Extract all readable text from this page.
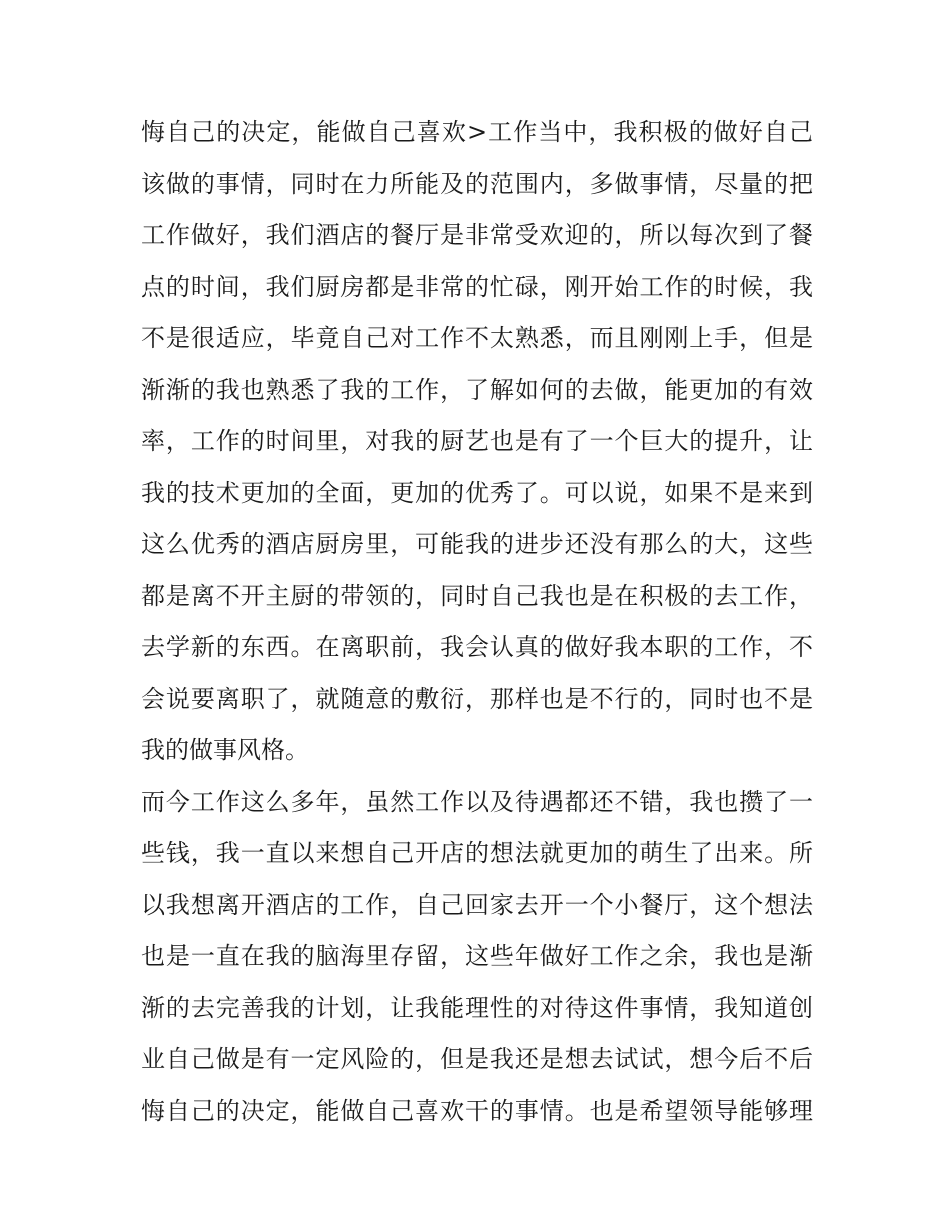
悔自己的决定，能做自己喜欢>工作当中，我积极的做好自己
该做的事情，同时在力所能及的范围内，多做事情，尽量的把
工作做好，我们酒店的餐厅是非常受欢迎的，所以每次到了餐
点的时间，我们厨房都是非常的忙碌，刚开始工作的时候，我
不是很适应，毕竟自己对工作不太熟悉，而且刚刚上手，但是
渐渐的我也熟悉了我的工作，了解如何的去做，能更加的有效
率，工作的时间里，对我的厨艺也是有了一个巨大的提升，让
我的技术更加的全面，更加的优秀了。可以说，如果不是来到
这么优秀的酒店厨房里，可能我的进步还没有那么的大，这些
都是离不开主厨的带领的，同时自己我也是在积极的去工作，
去学新的东西。在离职前，我会认真的做好我本职的工作，不
会说要离职了，就随意的敷衍，那样也是不行的，同时也不是
我的做事风格。
而今工作这么多年，虽然工作以及待遇都还不错，我也攒了一
些钱，我一直以来想自己开店的想法就更加的萌生了出来。所
以我想离开酒店的工作，自己回家去开一个小餐厅，这个想法
也是一直在我的脑海里存留，这些年做好工作之余，我也是渐
渐的去完善我的计划，让我能理性的对待这件事情，我知道创
业自己做是有一定风险的，但是我还是想去试试，想今后不后
悔自己的决定，能做自己喜欢干的事情。也是希望领导能够理
